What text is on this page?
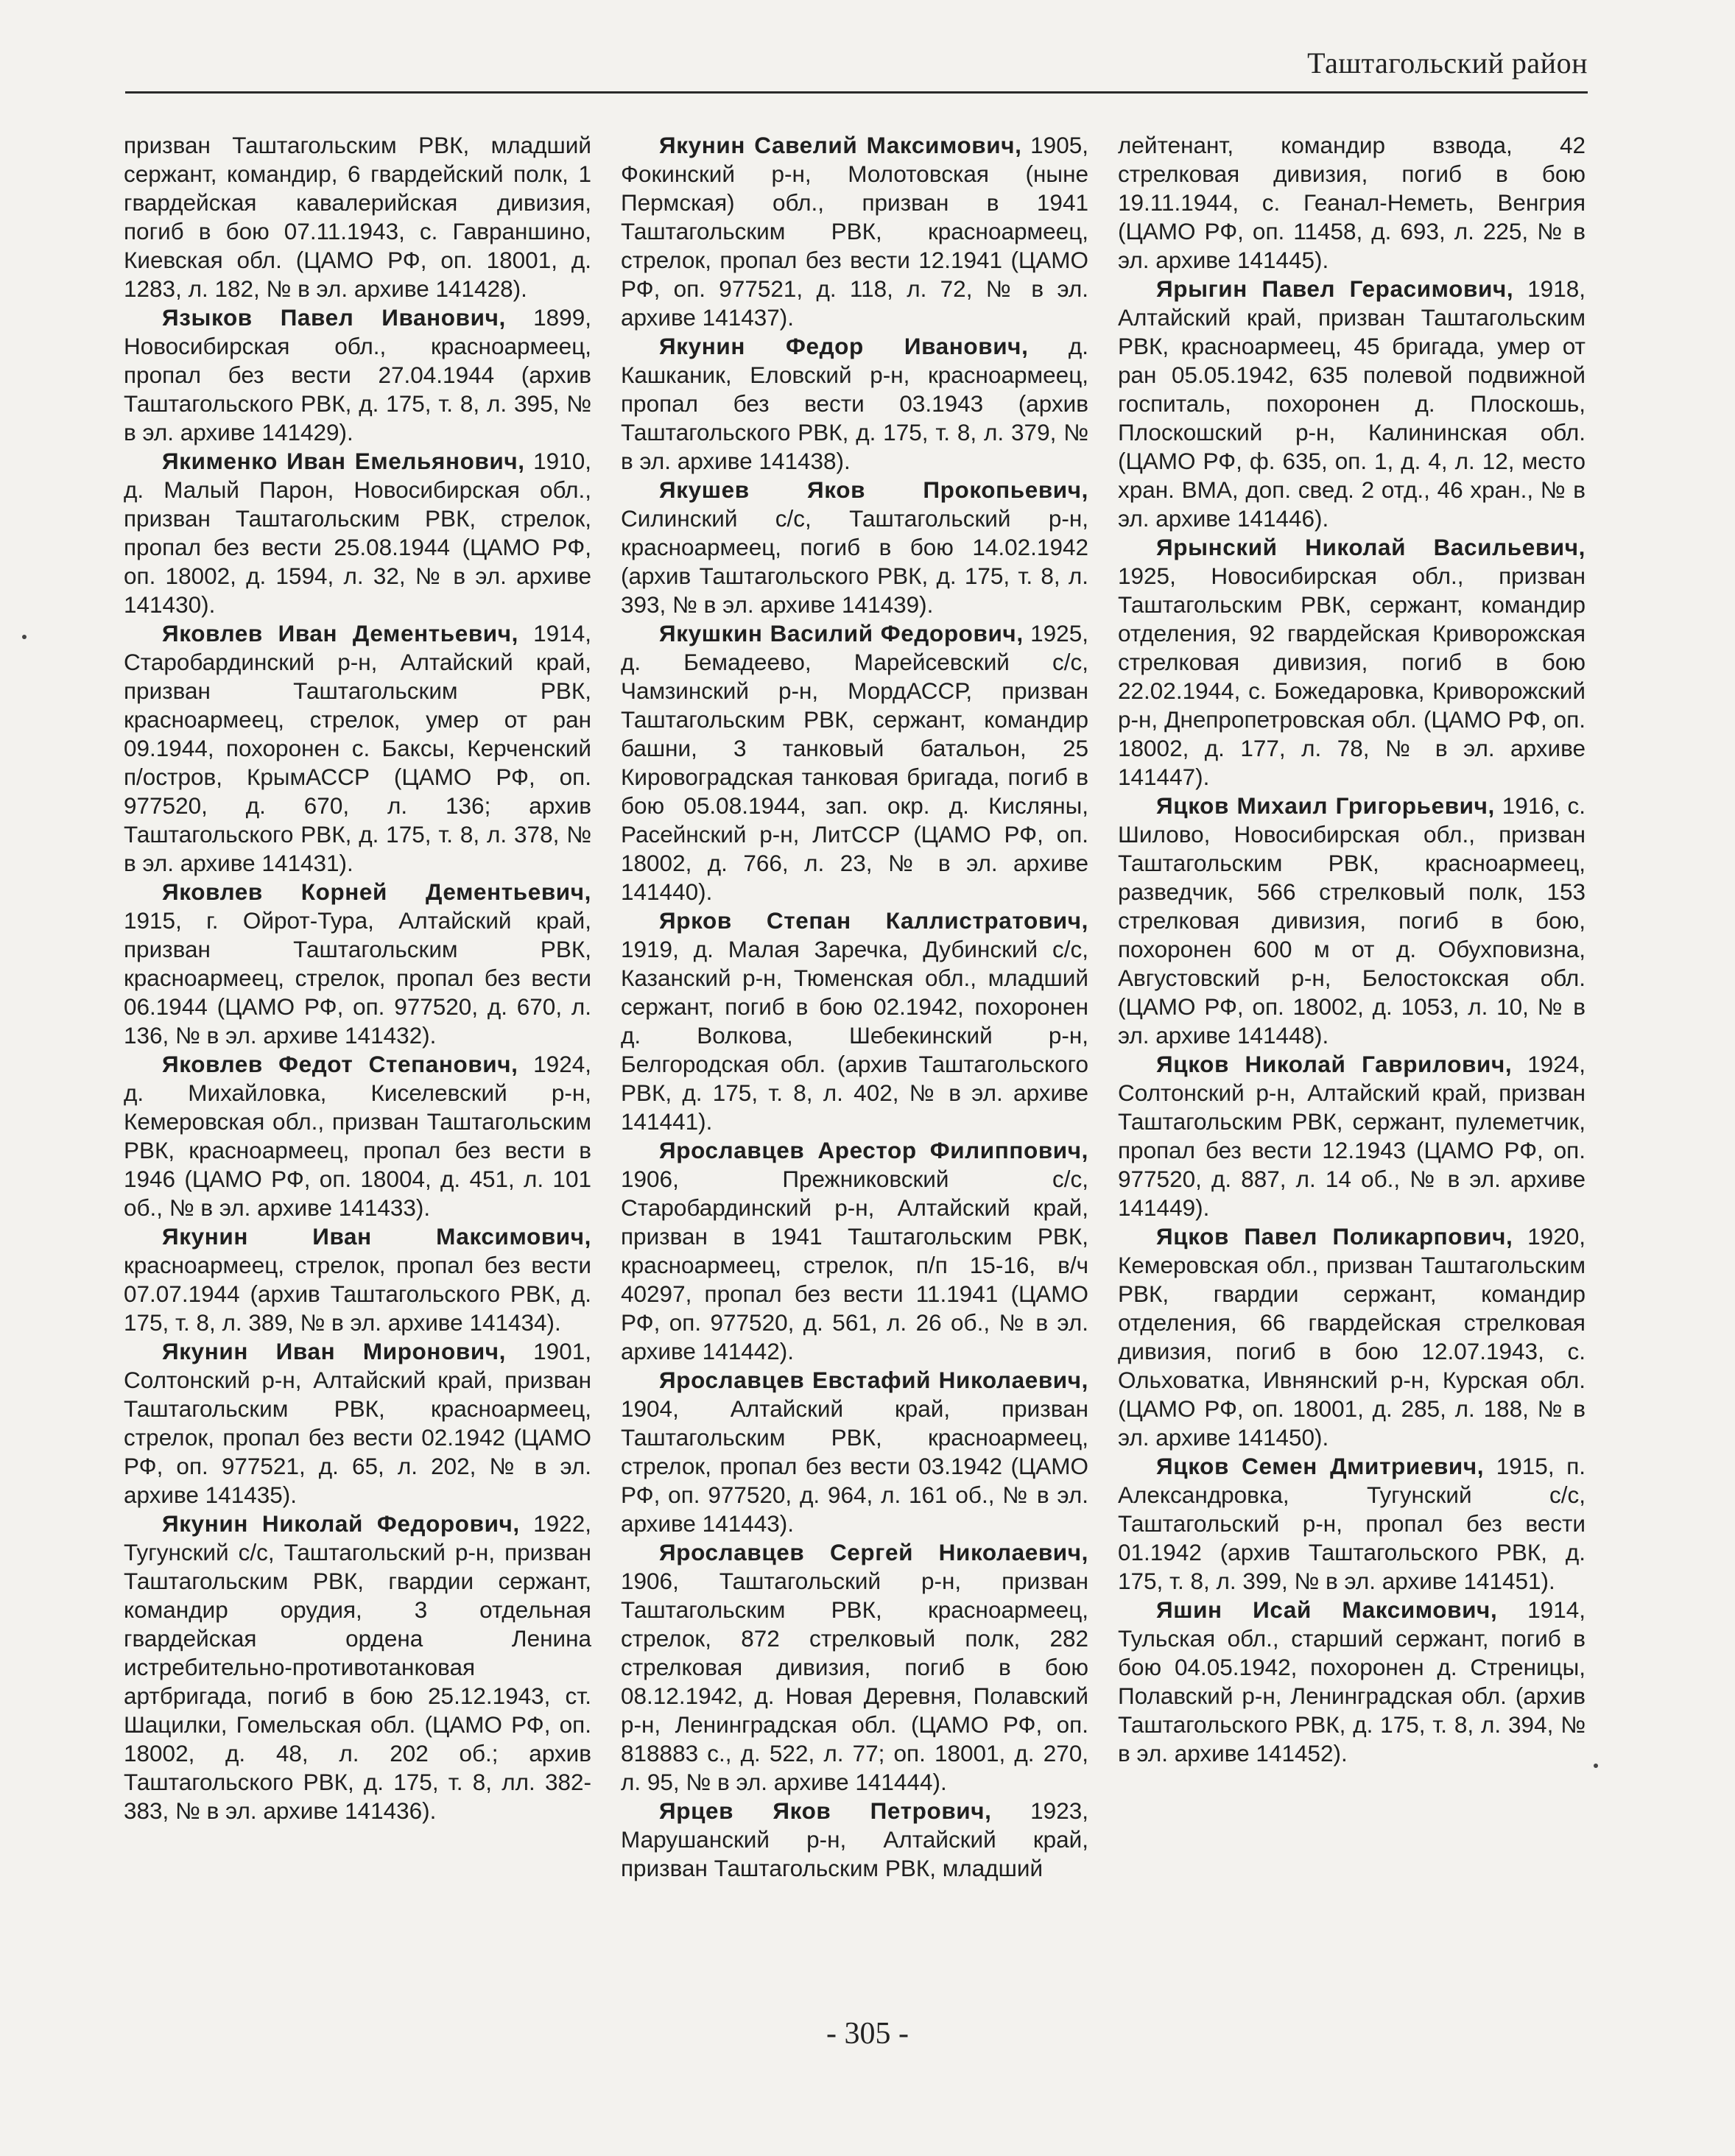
Таштагольский район

призван Таштагольским РВК, младший сержант, командир, 6 гвардейский полк, 1 гвардейская кавалерийская дивизия, погиб в бою 07.11.1943, с. Гавраншино, Киевская обл. (ЦАМО РФ, оп. 18001, д. 1283, л. 182, № в эл. архиве 141428).

Языков Павел Иванович, 1899, Новосибирская обл., красноармеец, пропал без вести 27.04.1944 (архив Таштагольского РВК, д. 175, т. 8, л. 395, № в эл. архиве 141429).

Якименко Иван Емельянович, 1910, д. Малый Парон, Новосибирская обл., призван Таштагольским РВК, стрелок, пропал без вести 25.08.1944 (ЦАМО РФ, оп. 18002, д. 1594, л. 32, № в эл. архиве 141430).

Яковлев Иван Дементьевич, 1914, Старобардинский р-н, Алтайский край, призван Таштагольским РВК, красноармеец, стрелок, умер от ран 09.1944, похоронен с. Баксы, Керченский п/остров, КрымАССР (ЦАМО РФ, оп. 977520, д. 670, л. 136; архив Таштагольского РВК, д. 175, т. 8, л. 378, № в эл. архиве 141431).

Яковлев Корней Дементьевич, 1915, г. Ойрот-Тура, Алтайский край, призван Таштагольским РВК, красноармеец, стрелок, пропал без вести 06.1944 (ЦАМО РФ, оп. 977520, д. 670, л. 136, № в эл. архиве 141432).

Яковлев Федот Степанович, 1924, д. Михайловка, Киселевский р-н, Кемеровская обл., призван Таштагольским РВК, красноармеец, пропал без вести в 1946 (ЦАМО РФ, оп. 18004, д. 451, л. 101 об., № в эл. архиве 141433).

Якунин Иван Максимович, красноармеец, стрелок, пропал без вести 07.07.1944 (архив Таштагольского РВК, д. 175, т. 8, л. 389, № в эл. архиве 141434).

Якунин Иван Миронович, 1901, Солтонский р-н, Алтайский край, призван Таштагольским РВК, красноармеец, стрелок, пропал без вести 02.1942 (ЦАМО РФ, оп. 977521, д. 65, л. 202, № в эл. архиве 141435).

Якунин Николай Федорович, 1922, Тугунский с/с, Таштагольский р-н, призван Таштагольским РВК, гвардии сержант, командир орудия, 3 отдельная гвардейская ордена Ленина истребительно-противотанковая артбригада, погиб в бою 25.12.1943, ст. Шацилки, Гомельская обл. (ЦАМО РФ, оп. 18002, д. 48, л. 202 об.; архив Таштагольского РВК, д. 175, т. 8, лл. 382-383, № в эл. архиве 141436).

Якунин Савелий Максимович, 1905, Фокинский р-н, Молотовская (ныне Пермская) обл., призван в 1941 Таштагольским РВК, красноармеец, стрелок, пропал без вести 12.1941 (ЦАМО РФ, оп. 977521, д. 118, л. 72, № в эл. архиве 141437).

Якунин Федор Иванович, д. Кашканик, Еловский р-н, красноармеец, пропал без вести 03.1943 (архив Таштагольского РВК, д. 175, т. 8, л. 379, № в эл. архиве 141438).

Якушев Яков Прокопьевич, Силинский с/с, Таштагольский р-н, красноармеец, погиб в бою 14.02.1942 (архив Таштагольского РВК, д. 175, т. 8, л. 393, № в эл. архиве 141439).

Якушкин Василий Федорович, 1925, д. Бемадеево, Марейсевский с/с, Чамзинский р-н, МордАССР, призван Таштагольским РВК, сержант, командир башни, 3 танковый батальон, 25 Кировоградская танковая бригада, погиб в бою 05.08.1944, зап. окр. д. Кисляны, Расейнский р-н, ЛитССР (ЦАМО РФ, оп. 18002, д. 766, л. 23, № в эл. архиве 141440).

Ярков Степан Каллистратович, 1919, д. Малая Заречка, Дубинский с/с, Казанский р-н, Тюменская обл., младший сержант, погиб в бою 02.1942, похоронен д. Волкова, Шебекинский р-н, Белгородская обл. (архив Таштагольского РВК, д. 175, т. 8, л. 402, № в эл. архиве 141441).

Ярославцев Арестор Филиппович, 1906, Прежниковский с/с, Старобардинский р-н, Алтайский край, призван в 1941 Таштагольским РВК, красноармеец, стрелок, п/п 15-16, в/ч 40297, пропал без вести 11.1941 (ЦАМО РФ, оп. 977520, д. 561, л. 26 об., № в эл. архиве 141442).

Ярославцев Евстафий Николаевич, 1904, Алтайский край, призван Таштагольским РВК, красноармеец, стрелок, пропал без вести 03.1942 (ЦАМО РФ, оп. 977520, д. 964, л. 161 об., № в эл. архиве 141443).

Ярославцев Сергей Николаевич, 1906, Таштагольский р-н, призван Таштагольским РВК, красноармеец, стрелок, 872 стрелковый полк, 282 стрелковая дивизия, погиб в бою 08.12.1942, д. Новая Деревня, Полавский р-н, Ленинградская обл. (ЦАМО РФ, оп. 818883 с., д. 522, л. 77; оп. 18001, д. 270, л. 95, № в эл. архиве 141444).

Ярцев Яков Петрович, 1923, Марушанский р-н, Алтайский край, призван Таштагольским РВК, младший

лейтенант, командир взвода, 42 стрелковая дивизия, погиб в бою 19.11.1944, с. Геанал-Неметь, Венгрия (ЦАМО РФ, оп. 11458, д. 693, л. 225, № в эл. архиве 141445).

Ярыгин Павел Герасимович, 1918, Алтайский край, призван Таштагольским РВК, красноармеец, 45 бригада, умер от ран 05.05.1942, 635 полевой подвижной госпиталь, похоронен д. Плоскошь, Плоскошский р-н, Калининская обл. (ЦАМО РФ, ф. 635, оп. 1, д. 4, л. 12, место хран. ВМА, доп. свед. 2 отд., 46 хран., № в эл. архиве 141446).

Ярынский Николай Васильевич, 1925, Новосибирская обл., призван Таштагольским РВК, сержант, командир отделения, 92 гвардейская Криворожская стрелковая дивизия, погиб в бою 22.02.1944, с. Божедаровка, Криворожский р-н, Днепропетровская обл. (ЦАМО РФ, оп. 18002, д. 177, л. 78, № в эл. архиве 141447).

Яцков Михаил Григорьевич, 1916, с. Шилово, Новосибирская обл., призван Таштагольским РВК, красноармеец, разведчик, 566 стрелковый полк, 153 стрелковая дивизия, погиб в бою, похоронен 600 м от д. Обухповизна, Августовский р-н, Белостокская обл. (ЦАМО РФ, оп. 18002, д. 1053, л. 10, № в эл. архиве 141448).

Яцков Николай Гаврилович, 1924, Солтонский р-н, Алтайский край, призван Таштагольским РВК, сержант, пулеметчик, пропал без вести 12.1943 (ЦАМО РФ, оп. 977520, д. 887, л. 14 об., № в эл. архиве 141449).

Яцков Павел Поликарпович, 1920, Кемеровская обл., призван Таштагольским РВК, гвардии сержант, командир отделения, 66 гвардейская стрелковая дивизия, погиб в бою 12.07.1943, с. Ольховатка, Ивнянский р-н, Курская обл. (ЦАМО РФ, оп. 18001, д. 285, л. 188, № в эл. архиве 141450).

Яцков Семен Дмитриевич, 1915, п. Александровка, Тугунский с/с, Таштагольский р-н, пропал без вести 01.1942 (архив Таштагольского РВК, д. 175, т. 8, л. 399, № в эл. архиве 141451).

Яшин Исай Максимович, 1914, Тульская обл., старший сержант, погиб в бою 04.05.1942, похоронен д. Стреницы, Полавский р-н, Ленинградская обл. (архив Таштагольского РВК, д. 175, т. 8, л. 394, № в эл. архиве 141452).

- 305 -
